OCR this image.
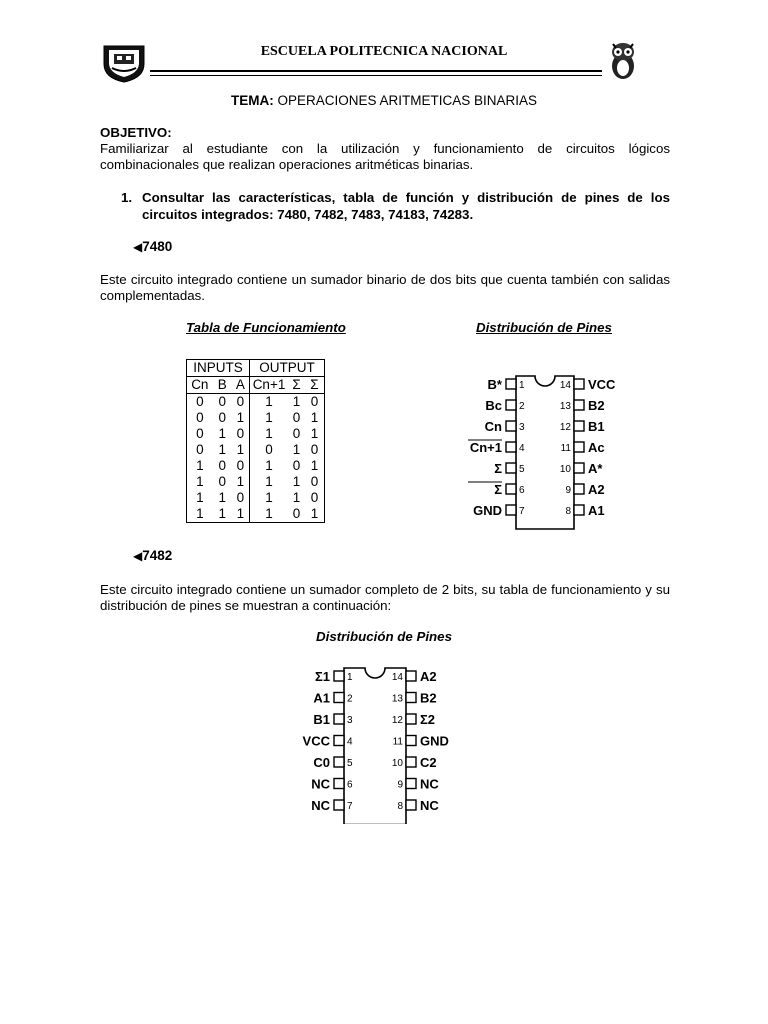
ESCUELA POLITECNICA NACIONAL
TEMA: OPERACIONES ARITMETICAS BINARIAS
OBJETIVO:
Familiarizar al estudiante con la utilización y funcionamiento de circuitos lógicos combinacionales que realizan operaciones aritméticas binarias.
1. Consultar las características, tabla de función y distribución de pines de los circuitos integrados: 7480, 7482, 7483, 74183, 74283.
◀7480
Este circuito integrado contiene un sumador binario de dos bits que cuenta también con salidas complementadas.
Tabla de Funcionamiento	Distribución de Pines
INPUTS			OUTPUT		
Cn	B	A	Cn+1	Σ	$\overline{\Sigma}$
0	0	0	1	1	0
0	0	1	1	0	1
0	1	0	1	0	1
0	1	1	0	1	0
1	0	0	1	0	1
1	0	1	1	1	0
1	1	0	1	1	0
1	1	1	1	0	1
1
B*	14 VCC
2
Bc	13 B2
3
Cn	12 B1
4
Cn+1	11 Ac
5
Σ	10 A*
6
Σ	9 A2
7
GND	8 A1
◀7482
Este circuito integrado contiene un sumador completo de 2 bits, su tabla de funcionamiento y su distribución de pines se muestran a continuación:
Distribución de Pines
1
Σ1	14 A2
2
A1	13 B2
3
B1	12 Σ2
4
VCC	11 GND
5
C0	10 C2
6
NC	9 NC
7
NC	8 NC
